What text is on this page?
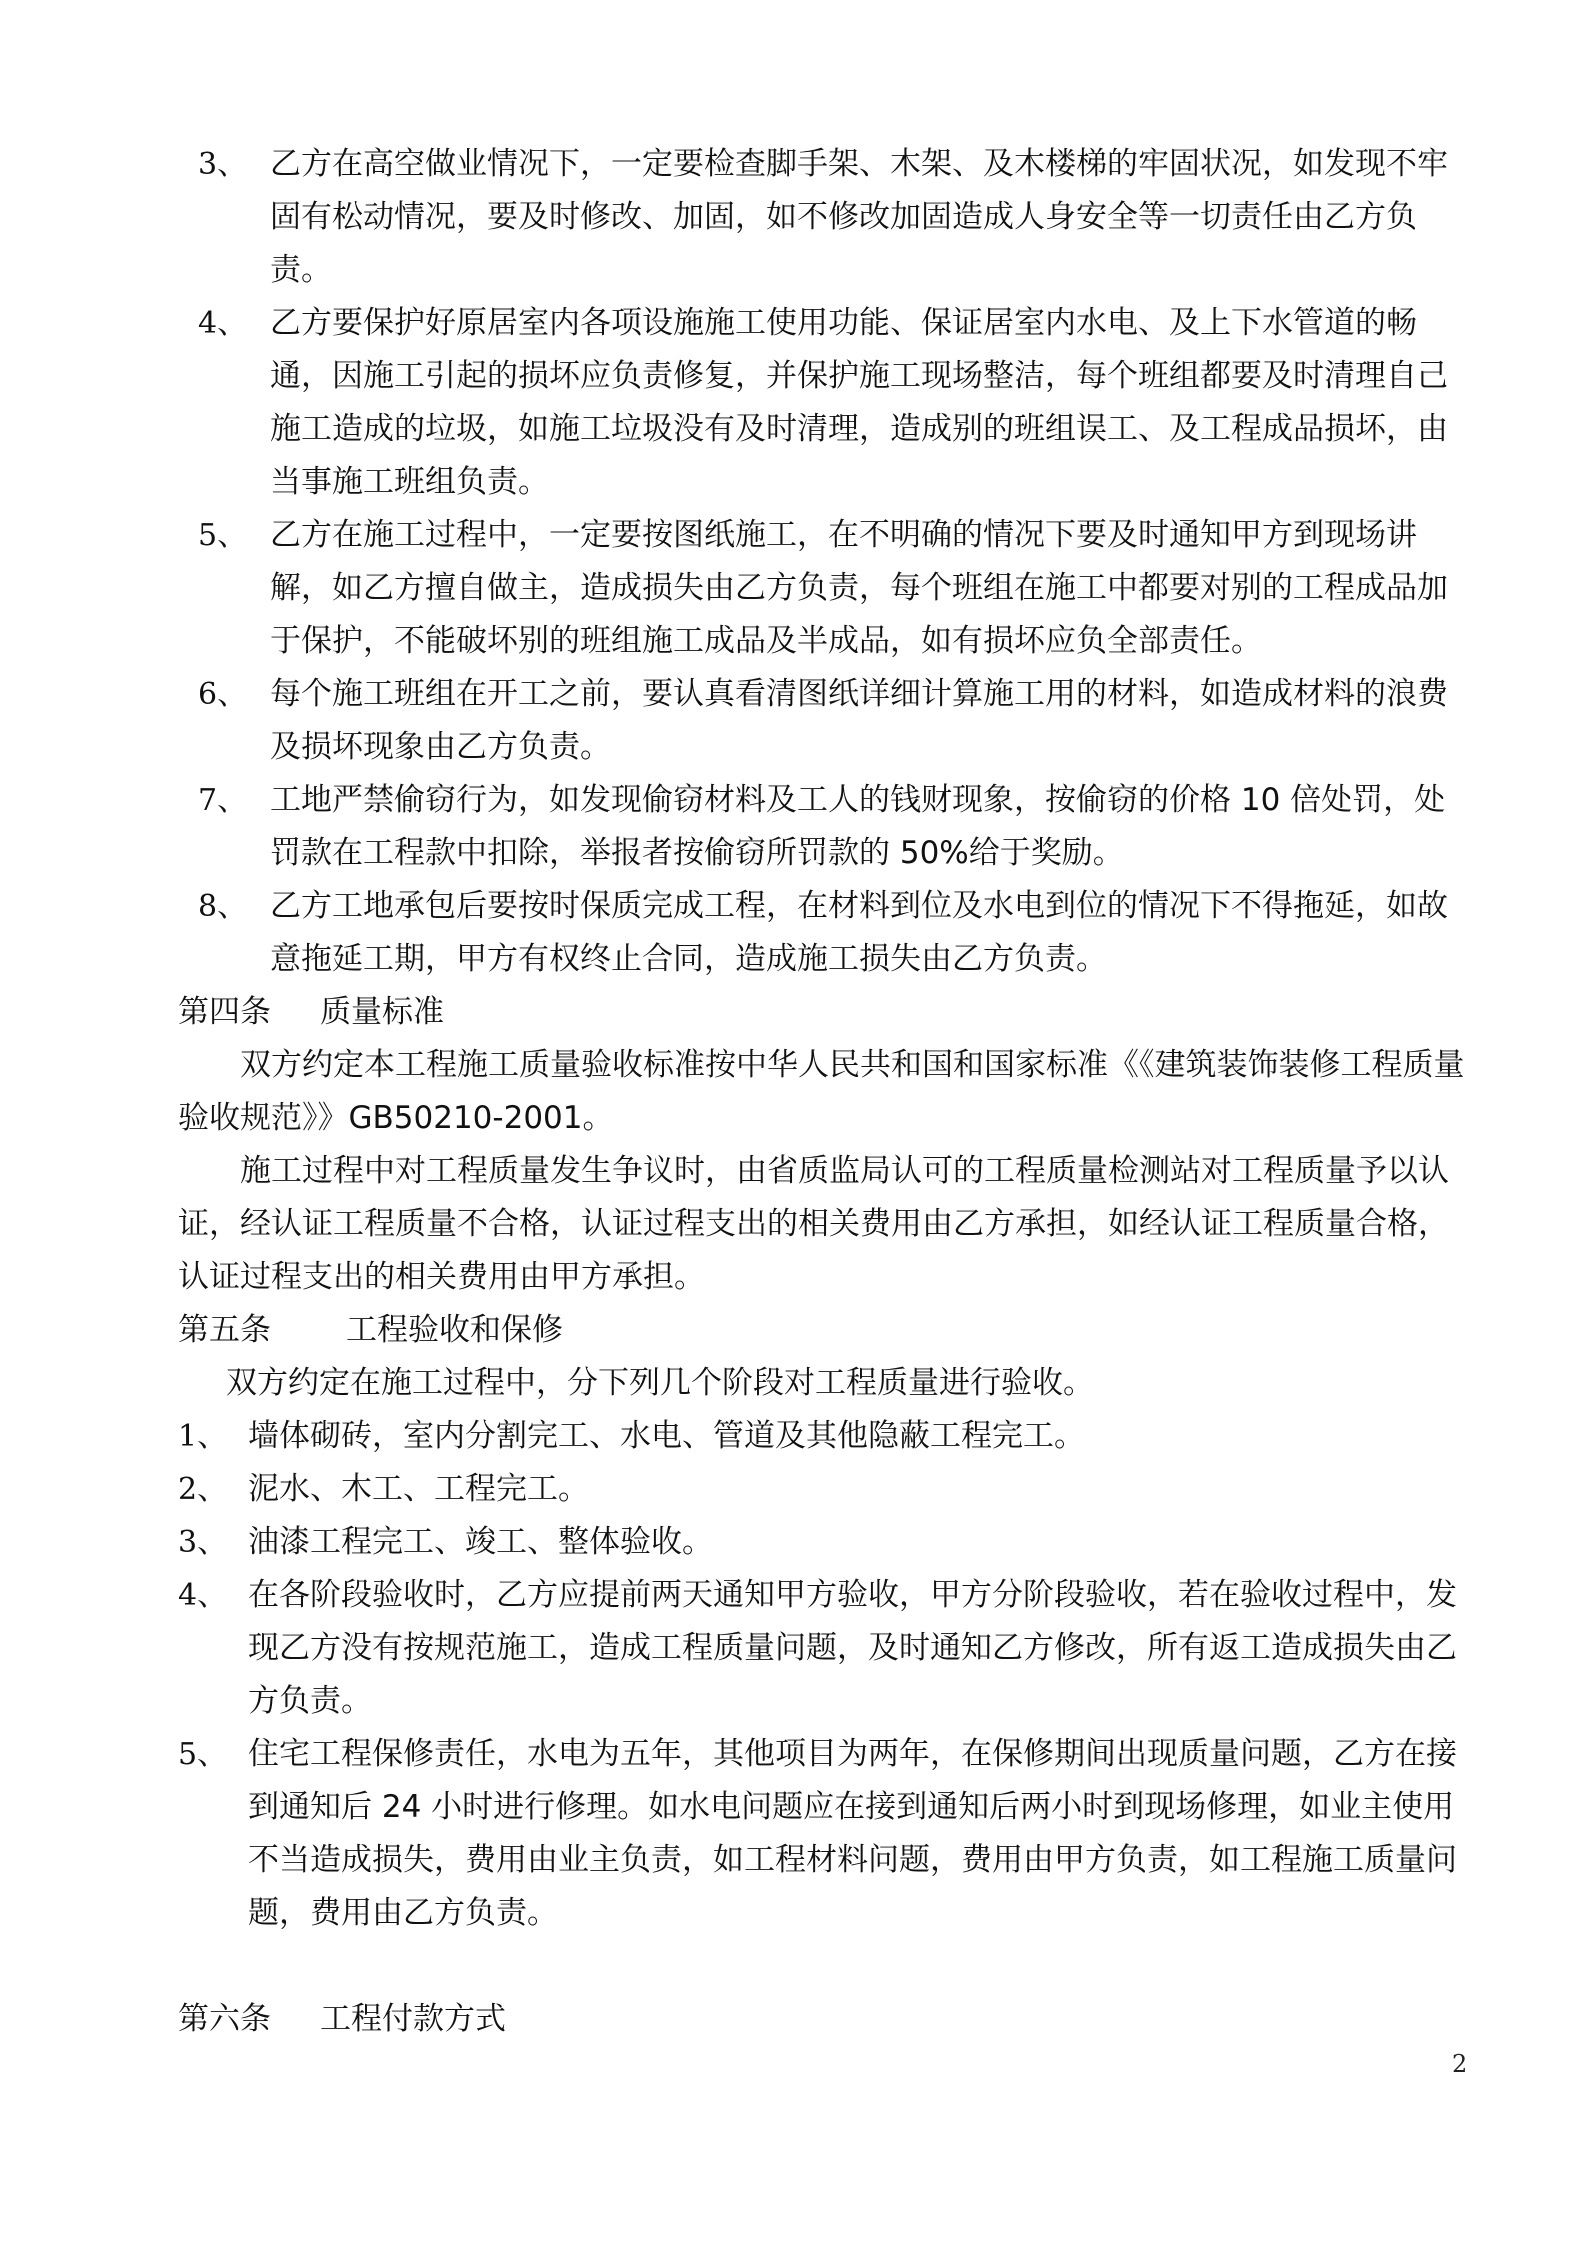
3、 乙方在高空做业情况下，一定要检查脚手架、木架、及木楼梯的牢固状况，如发现不牢固有松动情况，要及时修改、加固，如不修改加固造成人身安全等一切责任由乙方负责。

4、 乙方要保护好原居室内各项设施施工使用功能、保证居室内水电、及上下水管道的畅通，因施工引起的损坏应负责修复，并保护施工现场整洁，每个班组都要及时清理自己施工造成的垃圾，如施工垃圾没有及时清理，造成别的班组误工、及工程成品损坏，由当事施工班组负责。

5、 乙方在施工过程中，一定要按图纸施工，在不明确的情况下要及时通知甲方到现场讲解，如乙方擅自做主，造成损失由乙方负责，每个班组在施工中都要对别的工程成品加于保护，不能破坏别的班组施工成品及半成品，如有损坏应负全部责任。

6、 每个施工班组在开工之前，要认真看清图纸详细计算施工用的材料，如造成材料的浪费及损坏现象由乙方负责。

7、 工地严禁偷窃行为，如发现偷窃材料及工人的钱财现象，按偷窃的价格 10 倍处罚，处罚款在工程款中扣除，举报者按偷窃所罚款的 50%给于奖励。

8、 乙方工地承包后要按时保质完成工程，在材料到位及水电到位的情况下不得拖延，如故意拖延工期，甲方有权终止合同，造成施工损失由乙方负责。

第四条 质量标准

双方约定本工程施工质量验收标准按中华人民共和国和国家标准《《建筑装饰装修工程质量验收规范》》GB50210-2001。

施工过程中对工程质量发生争议时，由省质监局认可的工程质量检测站对工程质量予以认证，经认证工程质量不合格，认证过程支出的相关费用由乙方承担，如经认证工程质量合格，认证过程支出的相关费用由甲方承担。

第五条 工程验收和保修

双方约定在施工过程中，分下列几个阶段对工程质量进行验收。

1、 墙体砌砖，室内分割完工、水电、管道及其他隐蔽工程完工。

2、 泥水、木工、工程完工。

3、 油漆工程完工、竣工、整体验收。

4、 在各阶段验收时，乙方应提前两天通知甲方验收，甲方分阶段验收，若在验收过程中，发现乙方没有按规范施工，造成工程质量问题，及时通知乙方修改，所有返工造成损失由乙方负责。

5、 住宅工程保修责任，水电为五年，其他项目为两年，在保修期间出现质量问题，乙方在接到通知后 24 小时进行修理。如水电问题应在接到通知后两小时到现场修理，如业主使用不当造成损失，费用由业主负责，如工程材料问题，费用由甲方负责，如工程施工质量问题，费用由乙方负责。

第六条 工程付款方式

2
